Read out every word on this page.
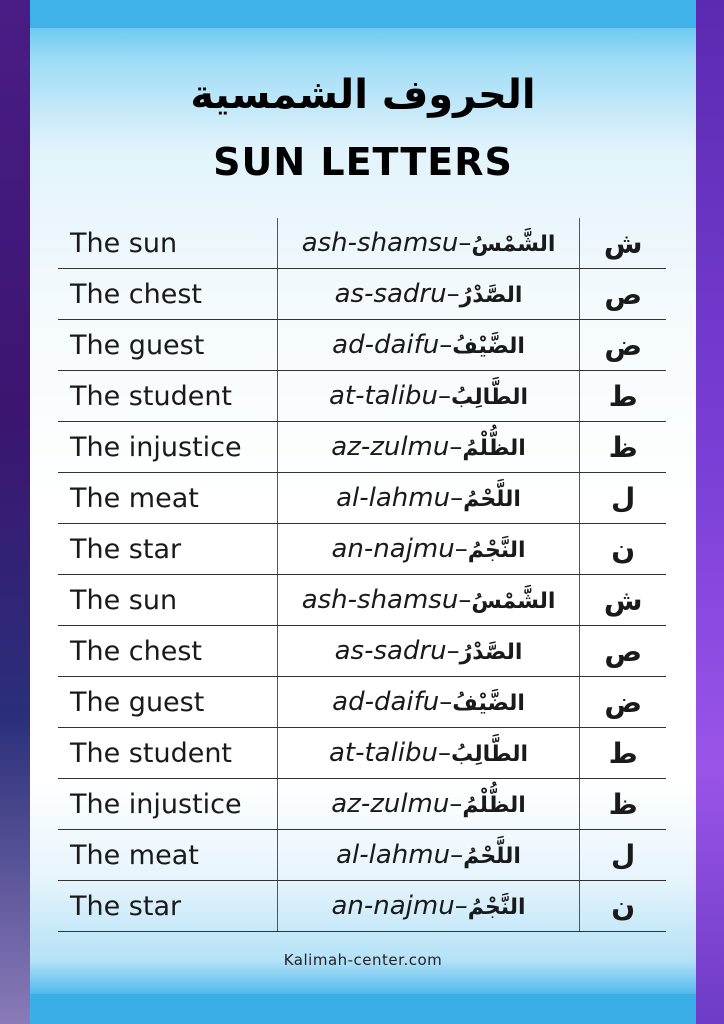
الحروف الشمسية
SUN LETTERS
The sun	ash-shamsu–الشَّمْسُ	ش
The chest	as-sadru–الصَّدْرُ	ص
The guest	ad-daifu–الضَّيْفُ	ض
The student	at-talibu–الطَّالِبُ	ط
The injustice	az-zulmu–الظُّلْمُ	ظ
The meat	al-lahmu–اللَّحْمُ	ل
The star	an-najmu–النَّجْمُ	ن
The sun	ash-shamsu–الشَّمْسُ	ش
The chest	as-sadru–الصَّدْرُ	ص
The guest	ad-daifu–الضَّيْفُ	ض
The student	at-talibu–الطَّالِبُ	ط
The injustice	az-zulmu–الظُّلْمُ	ظ
The meat	al-lahmu–اللَّحْمُ	ل
The star	an-najmu–النَّجْمُ	ن
Kalimah-center.com
